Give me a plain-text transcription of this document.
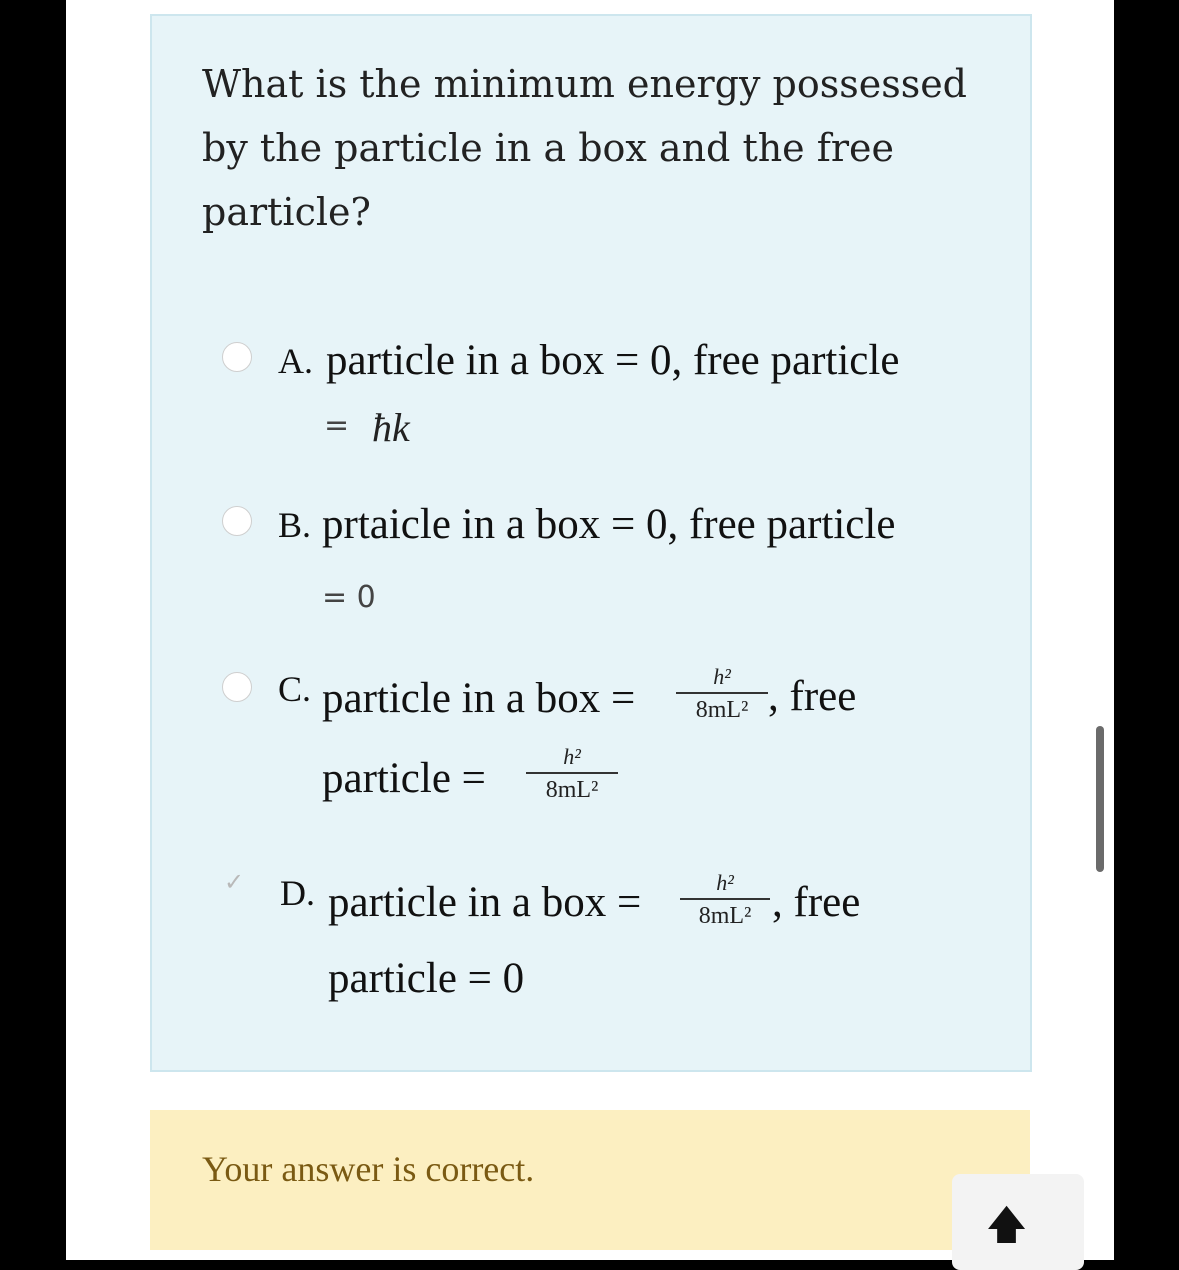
What is the minimum energy possessed by the particle in a box and the free particle?
A. particle in a box = 0, free particle
= ħk
B. prtaicle in a box = 0, free particle
= 0
C. particle in a box =	h²
8mL² , free
particle =	h²
8mL²
✓ D. particle in a box =	h²
8mL² , free
particle = 0
Your answer is correct.
🡅
